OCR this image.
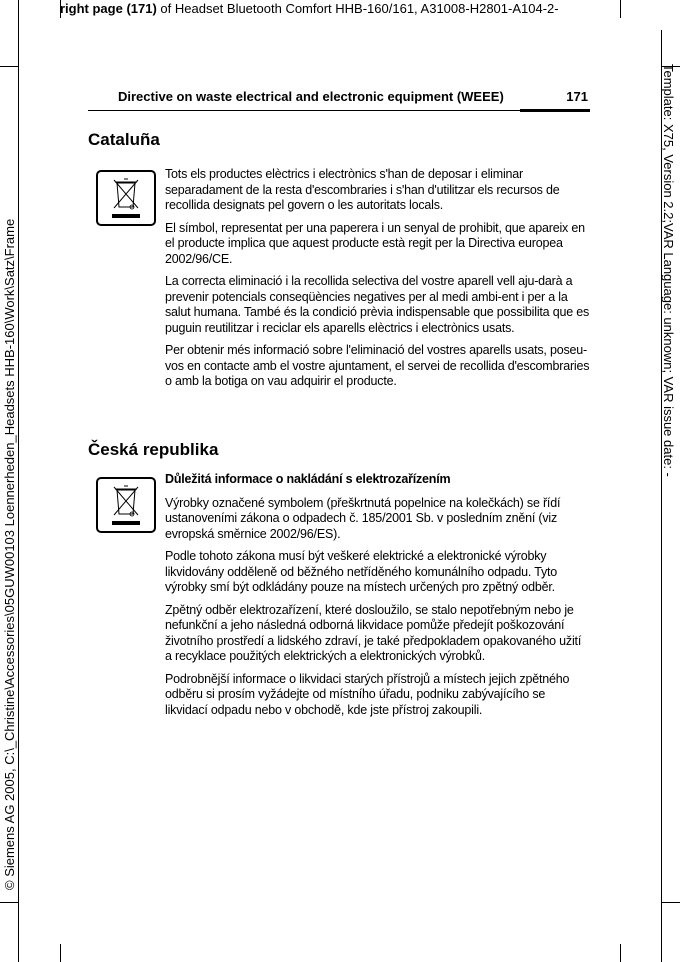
right page (171) of Headset Bluetooth Comfort HHB-160/161, A31008-H2801-A104-2-
© Siemens AG 2005, C:\_Christine\Accessories\05GUW00103 Loennerheden_Headsets HHB-160\Work\Satz\Frame	Template: X75, Version 2.2;VAR Language: unknown; VAR issue date: -
Directive on waste electrical and electronic equipment (WEEE)	171
Cataluña

Tots els productes elèctrics i electrònics s'han de deposar i eliminar separadament de la resta d'escombraries i s'han d'utilitzar els recursos de recollida designats pel govern o les autoritats locals.

El símbol, representat per una paperera i un senyal de prohibit, que apareix en el producte implica que aquest producte està regit per la Directiva europea 2002/96/CE.

La correcta eliminació i la recollida selectiva del vostre aparell vell aju-darà a prevenir potencials conseqüències negatives per al medi ambi-ent i per a la salut humana. També és la condició prèvia indispensable que possibilita que es puguin reutilitzar i reciclar els aparells elèctrics i electrònics usats.

Per obtenir més informació sobre l'eliminació del vostres aparells usats, poseu-vos en contacte amb el vostre ajuntament, el servei de recollida d'escombraries o amb la botiga on vau adquirir el producte.

Česká republika

Důležitá informace o nakládání s elektrozařízením

Výrobky označené symbolem (přeškrtnutá popelnice na kolečkách) se řídí ustanoveními zákona o odpadech č. 185/2001 Sb. v posledním znění (viz evropská směrnice 2002/96/ES).

Podle tohoto zákona musí být veškeré elektrické a elektronické výrobky likvidovány odděleně od běžného netříděného komunálního odpadu. Tyto výrobky smí být odkládány pouze na místech určených pro zpětný odběr.

Zpětný odběr elektrozařízení, které dosloužilo, se stalo nepotřebným nebo je nefunkční a jeho následná odborná likvidace pomůže předejít poškozování životního prostředí a lidského zdraví, je také předpokladem opakovaného užití a recyklace použitých elektrických a elektronických výrobků.

Podrobnější informace o likvidaci starých přístrojů a místech jejich zpětného odběru si prosím vyžádejte od místního úřadu, podniku zabývajícího se likvidací odpadu nebo v obchodě, kde jste přístroj zakoupili.
